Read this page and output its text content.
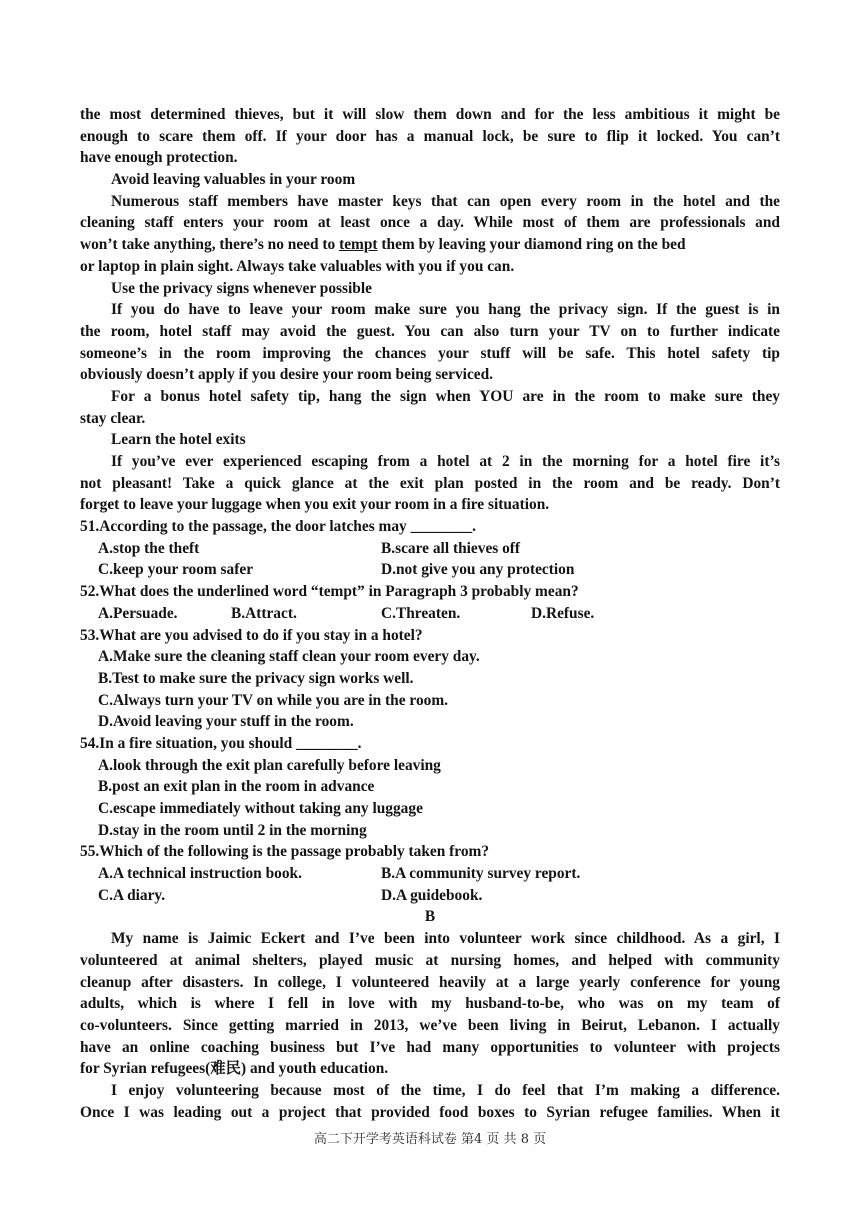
the most determined thieves, but it will slow them down and for the less ambitious it might be
enough to scare them off. If your door has a manual lock, be sure to flip it locked. You can’t
have enough protection.
Avoid leaving valuables in your room
Numerous staff members have master keys that can open every room in the hotel and the
cleaning staff enters your room at least once a day. While most of them are professionals and
won’t take anything, there’s no need to tempt them by leaving your diamond ring on the bed
or laptop in plain sight. Always take valuables with you if you can.
Use the privacy signs whenever possible
If you do have to leave your room make sure you hang the privacy sign. If the guest is in
the room, hotel staff may avoid the guest. You can also turn your TV on to further indicate
someone’s in the room improving the chances your stuff will be safe. This hotel safety tip
obviously doesn’t apply if you desire your room being serviced.
For a bonus hotel safety tip, hang the sign when YOU are in the room to make sure they
stay clear.
Learn the hotel exits
If you’ve ever experienced escaping from a hotel at 2 in the morning for a hotel fire it’s
not pleasant! Take a quick glance at the exit plan posted in the room and be ready. Don’t
forget to leave your luggage when you exit your room in a fire situation.
51.According to the passage, the door latches may ________.
A.stop the theft	B.scare all thieves off
C.keep your room safer	D.not give you any protection
52.What does the underlined word “tempt” in Paragraph 3 probably mean?
A.Persuade.	B.Attract.	C.Threaten.	D.Refuse.
53.What are you advised to do if you stay in a hotel?
A.Make sure the cleaning staff clean your room every day.
B.Test to make sure the privacy sign works well.
C.Always turn your TV on while you are in the room.
D.Avoid leaving your stuff in the room.
54.In a fire situation, you should ________.
A.look through the exit plan carefully before leaving
B.post an exit plan in the room in advance
C.escape immediately without taking any luggage
D.stay in the room until 2 in the morning
55.Which of the following is the passage probably taken from?
A.A technical instruction book.	B.A community survey report.
C.A diary.	D.A guidebook.
B
My name is Jaimic Eckert and I’ve been into volunteer work since childhood. As a girl, I
volunteered at animal shelters, played music at nursing homes, and helped with community
cleanup after disasters. In college, I volunteered heavily at a large yearly conference for young
adults, which is where I fell in love with my husband-to-be, who was on my team of
co-volunteers. Since getting married in 2013, we’ve been living in Beirut, Lebanon. I actually
have an online coaching business but I’ve had many opportunities to volunteer with projects
for Syrian refugees(难民) and youth education.
I enjoy volunteering because most of the time, I do feel that I’m making a difference.
Once I was leading out a project that provided food boxes to Syrian refugee families. When it
高二下开学考英语科试卷 第4 页 共 8 页
